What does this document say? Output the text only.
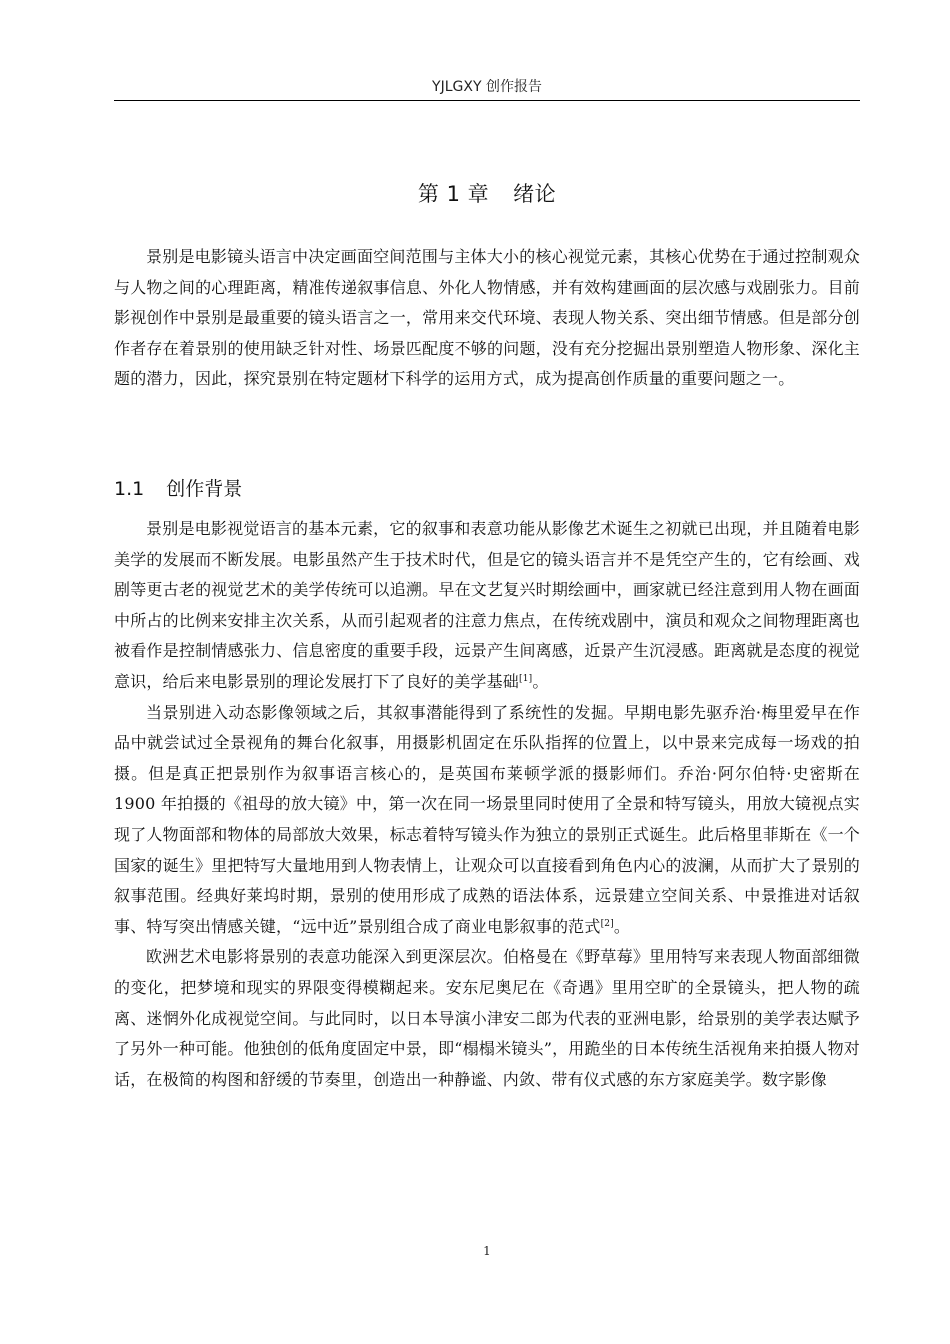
YJLGXY 创作报告
第 1 章 绪论

景别是电影镜头语言中决定画面空间范围与主体大小的核心视觉元素，其核心优势在于通过控制观众与人物之间的心理距离，精准传递叙事信息、外化人物情感，并有效构建画面的层次感与戏剧张力。目前影视创作中景别是最重要的镜头语言之一，常用来交代环境、表现人物关系、突出细节情感。但是部分创作者存在着景别的使用缺乏针对性、场景匹配度不够的问题，没有充分挖掘出景别塑造人物形象、深化主题的潜力，因此，探究景别在特定题材下科学的运用方式，成为提高创作质量的重要问题之一。

1.1 创作背景

景别是电影视觉语言的基本元素，它的叙事和表意功能从影像艺术诞生之初就已出现，并且随着电影美学的发展而不断发展。电影虽然产生于技术时代，但是它的镜头语言并不是凭空产生的，它有绘画、戏剧等更古老的视觉艺术的美学传统可以追溯。早在文艺复兴时期绘画中，画家就已经注意到用人物在画面中所占的比例来安排主次关系，从而引起观者的注意力焦点，在传统戏剧中，演员和观众之间物理距离也被看作是控制情感张力、信息密度的重要手段，远景产生间离感，近景产生沉浸感。距离就是态度的视觉意识，给后来电影景别的理论发展打下了良好的美学基础[1]。

当景别进入动态影像领域之后，其叙事潜能得到了系统性的发掘。早期电影先驱乔治·梅里爱早在作品中就尝试过全景视角的舞台化叙事，用摄影机固定在乐队指挥的位置上，以中景来完成每一场戏的拍摄。但是真正把景别作为叙事语言核心的，是英国布莱顿学派的摄影师们。乔治·阿尔伯特·史密斯在 1900 年拍摄的《祖母的放大镜》中，第一次在同一场景里同时使用了全景和特写镜头，用放大镜视点实现了人物面部和物体的局部放大效果，标志着特写镜头作为独立的景别正式诞生。此后格里菲斯在《一个国家的诞生》里把特写大量地用到人物表情上，让观众可以直接看到角色内心的波澜，从而扩大了景别的叙事范围。经典好莱坞时期，景别的使用形成了成熟的语法体系，远景建立空间关系、中景推进对话叙事、特写突出情感关键，“远中近”景别组合成了商业电影叙事的范式[2]。

欧洲艺术电影将景别的表意功能深入到更深层次。伯格曼在《野草莓》里用特写来表现人物面部细微的变化，把梦境和现实的界限变得模糊起来。安东尼奥尼在《奇遇》里用空旷的全景镜头，把人物的疏离、迷惘外化成视觉空间。与此同时，以日本导演小津安二郎为代表的亚洲电影，给景别的美学表达赋予了另外一种可能。他独创的低角度固定中景，即“榻榻米镜头”，用跪坐的日本传统生活视角来拍摄人物对话，在极简的构图和舒缓的节奏里，创造出一种静谧、内敛、带有仪式感的东方家庭美学。数字影像

1
